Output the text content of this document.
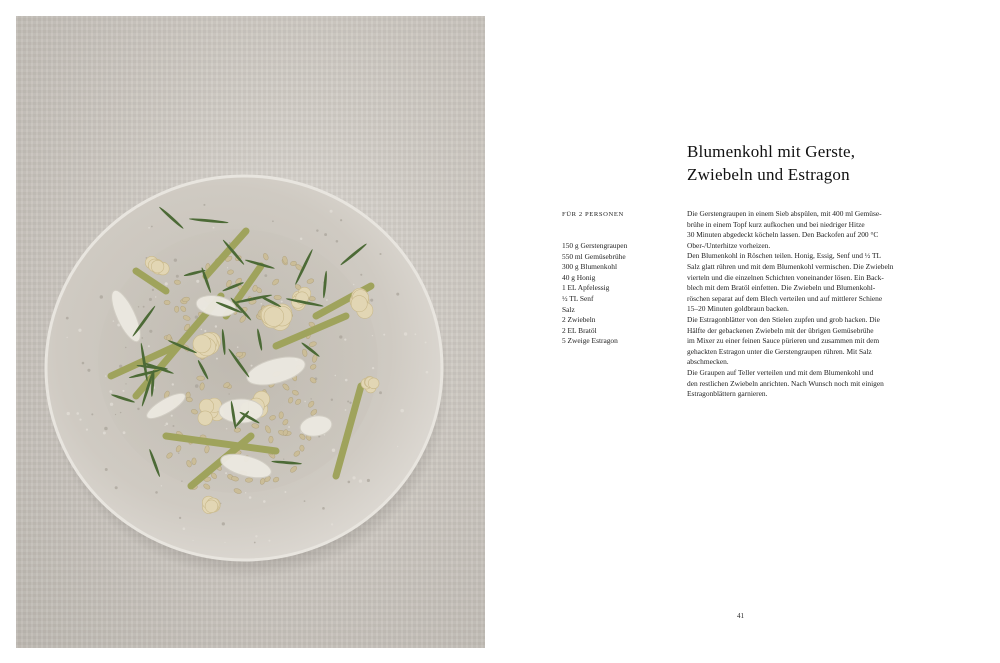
Blumenkohl mit Gerste,
Zwiebeln und Estragon
FÜR 2 PERSONEN
150 g Gerstengraupen
550 ml Gemüsebrühe
300 g Blumenkohl
40 g Honig
1 EL Apfelessig
½ TL Senf
Salz
2 Zwiebeln
2 EL Bratöl
5 Zweige Estragon

Die Gerstengraupen in einem Sieb abspülen, mit 400 ml Gemüse-
brühe in einem Topf kurz aufkochen und bei niedriger Hitze
30 Minuten abgedeckt köcheln lassen. Den Backofen auf 200 °C
Ober-/Unterhitze vorheizen.

Den Blumenkohl in Röschen teilen. Honig, Essig, Senf und ½ TL
Salz glatt rühren und mit dem Blumenkohl vermischen. Die Zwiebeln
vierteln und die einzelnen Schichten voneinander lösen. Ein Back-
blech mit dem Bratöl einfetten. Die Zwiebeln und Blumenkohl-
röschen separat auf dem Blech verteilen und auf mittlerer Schiene
15–20 Minuten goldbraun backen.

Die Estragonblätter von den Stielen zupfen und grob hacken. Die
Hälfte der gebackenen Zwiebeln mit der übrigen Gemüsebrühe
im Mixer zu einer feinen Sauce pürieren und zusammen mit dem
gehackten Estragon unter die Gerstengraupen rühren. Mit Salz
abschmecken.

Die Graupen auf Teller verteilen und mit dem Blumenkohl und
den restlichen Zwiebeln anrichten. Nach Wunsch noch mit einigen
Estragonblättern garnieren.

41
